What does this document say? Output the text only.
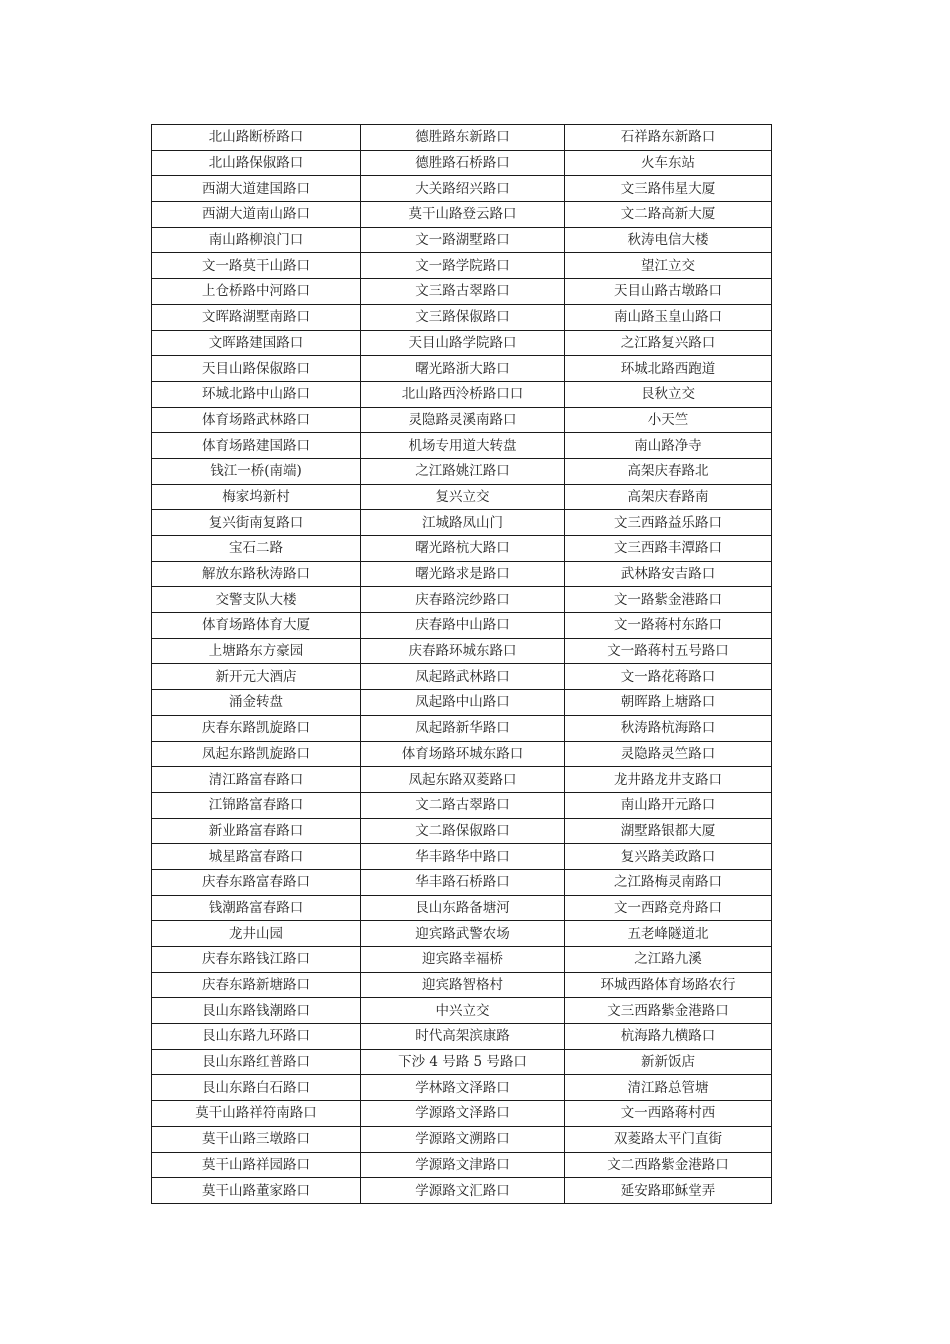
北山路断桥路口	德胜路东新路口	石祥路东新路口
北山路保俶路口	德胜路石桥路口	火车东站
西湖大道建国路口	大关路绍兴路口	文三路伟星大厦
西湖大道南山路口	莫干山路登云路口	文二路高新大厦
南山路柳浪门口	文一路湖墅路口	秋涛电信大楼
文一路莫干山路口	文一路学院路口	望江立交
上仓桥路中河路口	文三路古翠路口	天目山路古墩路口
文晖路湖墅南路口	文三路保俶路口	南山路玉皇山路口
文晖路建国路口	天目山路学院路口	之江路复兴路口
天目山路保俶路口	曙光路浙大路口	环城北路西跑道
环城北路中山路口	北山路西泠桥路口口	艮秋立交
体育场路武林路口	灵隐路灵溪南路口	小天竺
体育场路建国路口	机场专用道大转盘	南山路净寺
钱江一桥(南端)	之江路姚江路口	高架庆春路北
梅家坞新村	复兴立交	高架庆春路南
复兴街南复路口	江城路凤山门	文三西路益乐路口
宝石二路	曙光路杭大路口	文三西路丰潭路口
解放东路秋涛路口	曙光路求是路口	武林路安吉路口
交警支队大楼	庆春路浣纱路口	文一路紫金港路口
体育场路体育大厦	庆春路中山路口	文一路蒋村东路口
上塘路东方豪园	庆春路环城东路口	文一路蒋村五号路口
新开元大酒店	凤起路武林路口	文一路花蒋路口
涌金转盘	凤起路中山路口	朝晖路上塘路口
庆春东路凯旋路口	凤起路新华路口	秋涛路杭海路口
凤起东路凯旋路口	体育场路环城东路口	灵隐路灵竺路口
清江路富春路口	凤起东路双菱路口	龙井路龙井支路口
江锦路富春路口	文二路古翠路口	南山路开元路口
新业路富春路口	文二路保俶路口	湖墅路银都大厦
城星路富春路口	华丰路华中路口	复兴路美政路口
庆春东路富春路口	华丰路石桥路口	之江路梅灵南路口
钱潮路富春路口	艮山东路备塘河	文一西路竞舟路口
龙井山园	迎宾路武警农场	五老峰隧道北
庆春东路钱江路口	迎宾路幸福桥	之江路九溪
庆春东路新塘路口	迎宾路智格村	环城西路体育场路农行
艮山东路钱潮路口	中兴立交	文三西路紫金港路口
艮山东路九环路口	时代高架滨康路	杭海路九横路口
艮山东路红普路口	下沙 4 号路 5 号路口	新新饭店
艮山东路白石路口	学林路文泽路口	清江路总管塘
莫干山路祥符南路口	学源路文泽路口	文一西路蒋村西
莫干山路三墩路口	学源路文溯路口	双菱路太平门直街
莫干山路祥园路口	学源路文津路口	文二西路紫金港路口
莫干山路董家路口	学源路文汇路口	延安路耶稣堂弄
